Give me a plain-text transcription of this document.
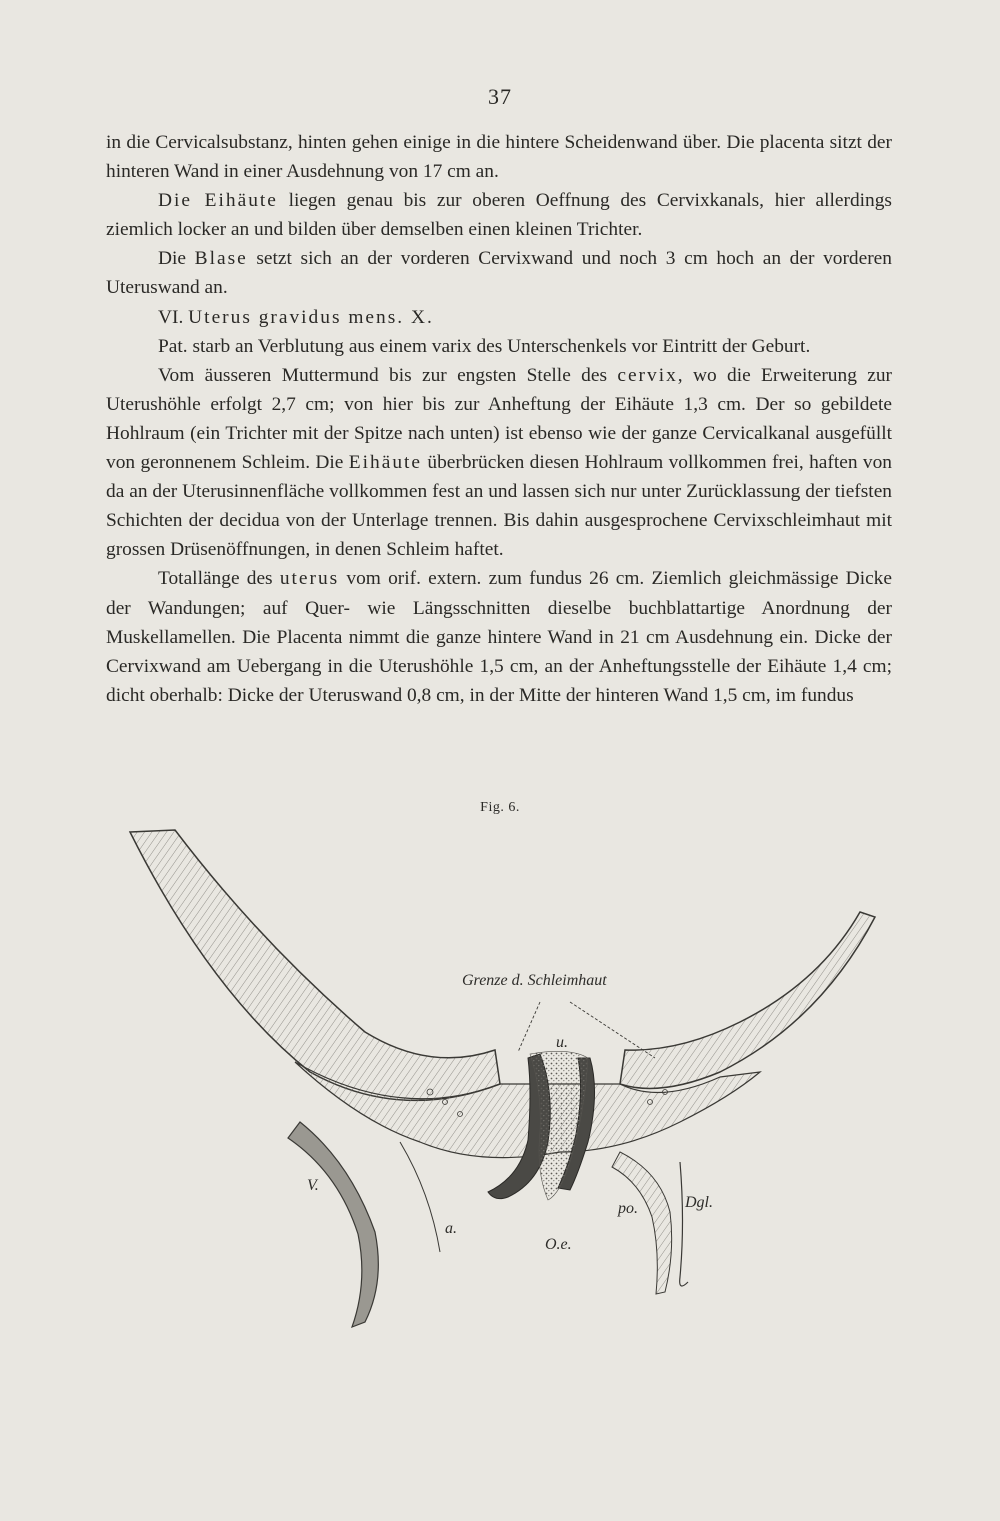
37

in die Cervicalsubstanz, hinten gehen einige in die hintere Scheidenwand über. Die placenta sitzt der hinteren Wand in einer Ausdehnung von 17 cm an.

Die Eihäute liegen genau bis zur oberen Oeffnung des Cervixkanals, hier allerdings ziemlich locker an und bilden über demselben einen kleinen Trichter.

Die Blase setzt sich an der vorderen Cervixwand und noch 3 cm hoch an der vorderen Uteruswand an.

VI. Uterus gravidus mens. X.

Pat. starb an Verblutung aus einem varix des Unterschenkels vor Eintritt der Geburt.

Vom äusseren Muttermund bis zur engsten Stelle des cervix, wo die Erweiterung zur Uterushöhle erfolgt 2,7 cm; von hier bis zur Anheftung der Eihäute 1,3 cm. Der so gebildete Hohlraum (ein Trichter mit der Spitze nach unten) ist ebenso wie der ganze Cervicalkanal ausgefüllt von geronnenem Schleim. Die Eihäute überbrücken diesen Hohlraum vollkommen frei, haften von da an der Uterusinnenfläche vollkommen fest an und lassen sich nur unter Zurücklassung der tiefsten Schichten der decidua von der Unterlage trennen. Bis dahin ausgesprochene Cervixschleimhaut mit grossen Drüsenöffnungen, in denen Schleim haftet.

Totallänge des uterus vom orif. extern. zum fundus 26 cm. Ziemlich gleichmässige Dicke der Wandungen; auf Quer- wie Längsschnitten dieselbe buchblattartige Anordnung der Muskellamellen. Die Placenta nimmt die ganze hintere Wand in 21 cm Ausdehnung ein. Dicke der Cervixwand am Uebergang in die Uterushöhle 1,5 cm, an der Anheftungsstelle der Eihäute 1,4 cm; dicht oberhalb: Dicke der Uteruswand 0,8 cm, in der Mitte der hinteren Wand 1,5 cm, im fundus

Fig. 6.
Grenze d. Schleimhaut
u.
V.
a.
O.e.
po.	Dgl.
